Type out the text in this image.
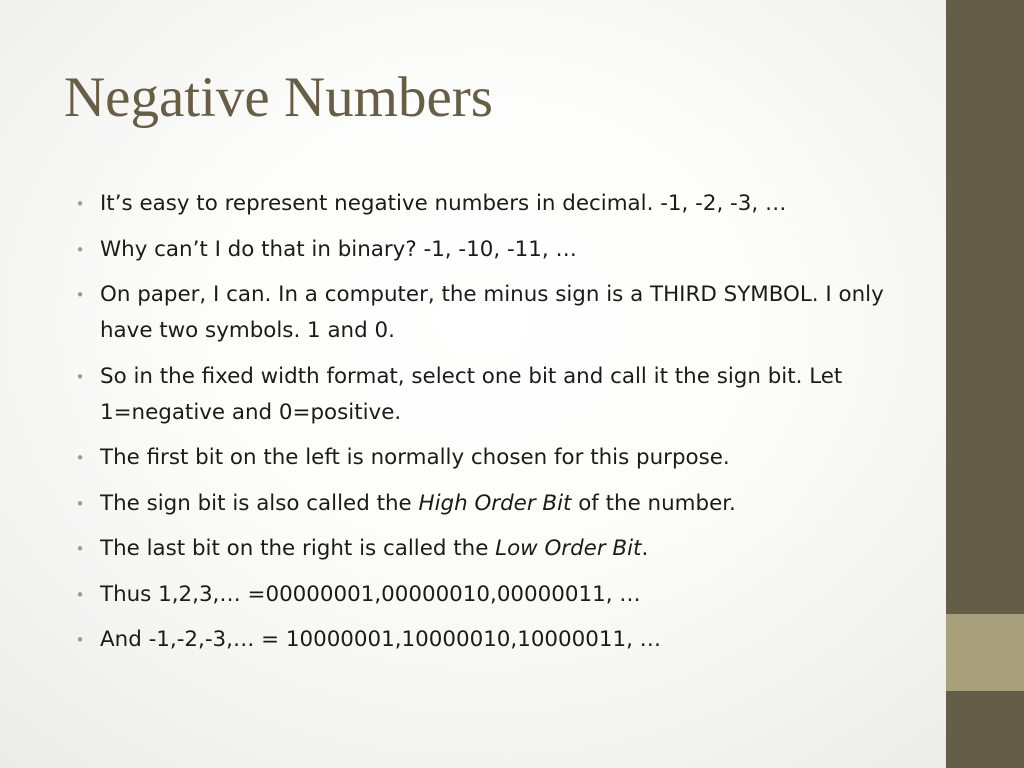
Negative Numbers
• It’s easy to represent negative numbers in decimal. -1, -2, -3, …
• Why can’t I do that in binary? -1, -10, -11, …
• On paper, I can. In a computer, the minus sign is a THIRD SYMBOL. I only have two symbols. 1 and 0.
• So in the fixed width format, select one bit and call it the sign bit. Let 1=negative and 0=positive.
• The first bit on the left is normally chosen for this purpose.
• The sign bit is also called the High Order Bit of the number.
• The last bit on the right is called the Low Order Bit.
• Thus 1,2,3,… =00000001,00000010,00000011, …
• And -1,-2,-3,… = 10000001,10000010,10000011, …
